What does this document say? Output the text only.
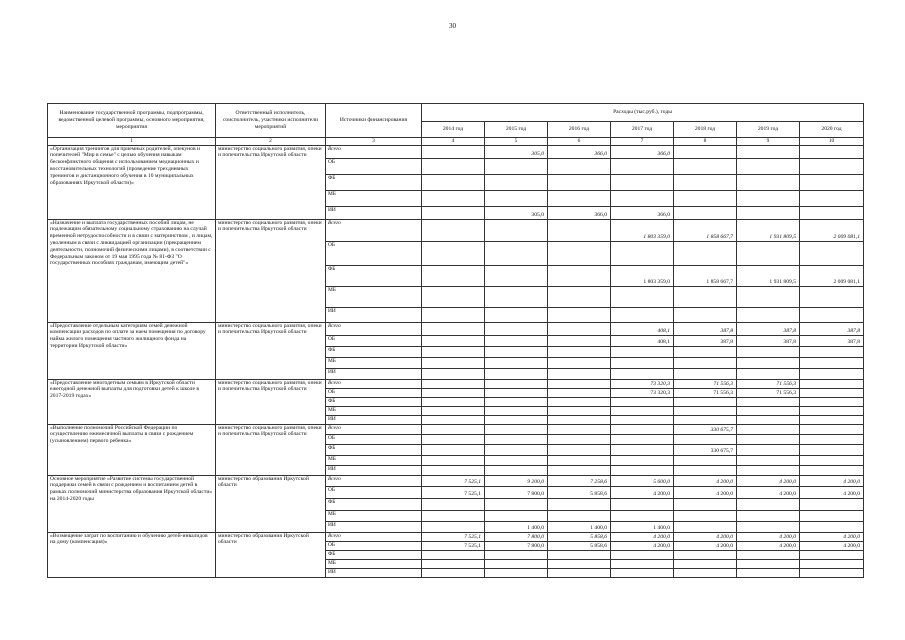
30
Наименование государственной программы, подпрограммы, ведомственной целевой программы, основного мероприятия, мероприятия	Ответственный исполнитель, соисполнитель, участники исполнители мероприятий	Источники финансирования	Расходы (тыс.руб.), годы						
			2014 год	2015 год	2016 год	2017 год	2018 год	2019 год	2020 год
1	2	3	4	5	6	7	8	9	10
«Организация тренингов для приемных родителей, опекунов и попечителей "Мир в семье" с целью обучения навыкам бесконфликтного общения с использованием медиационных и восстановительных технологий (проведение трехдневных тренингов и дистанционного обучения в 10 муниципальных образованиях Иркутской области)»	министерство социального развития, опеки и попечительства Иркутской области	Всего		305,0	366,0	366,0			
		ОБ							
		ФБ							
		МБ							
		ИИ		305,0	366,0	366,0			
«Назначение и выплата государственных пособий лицам, не подлежащим обязательному социальному страхованию на случай временной нетрудоспособности и в связи с материнством , и лицам, уволенным в связи с ликвидацией организации (прекращением деятельности, полномочий физическими лицами), в соответствии с Федеральным законом от 19 мая 1995 года № 81-ФЗ "О государственных пособиях гражданам, имеющим детей"»	министерство социального развития, опеки и попечительства Иркутской области	Всего				1 803 359,0	1 858 667,7	1 931 809,5	2 009 081,1
		ОБ							
		ФБ				1 803 359,0	1 858 667,7	1 931 809,5	2 009 081,1
		МБ							
		ИИ							
«Предоставление отдельным категориям семей денежной компенсации расходов по оплате за наем помещения по договору найма жилого помещения частного жилищного фонда на территории Иркутской области»	министерство социального развития, опеки и попечительства Иркутской области	Всего				408,1	387,8	387,8	387,8
		ОБ				408,1	387,8	387,8	387,8
		ФБ							
		МБ							
		ИИ							
«Предоставление многодетным семьям в Иркутской области ежегодной денежной выплаты для подготовки детей к школе в 2017-2019 годах»	министерство социального развития, опеки и попечительства Иркутской области	Всего				73 320,3	71 556,3	71 556,3	
		ОБ				73 320,3	71 556,3	71 556,3	
		ФБ							
		МБ							
		ИИ							
«Выполнение полномочий Российской Федерации по осуществлению ежемесячной выплаты в связи с рождением (усыновлением) первого ребенка»	министерство социального развития, опеки и попечительства Иркутской области	Всего					330 675,7		
		ОБ							
		ФБ					330 675,7		
		МБ							
		ИИ							
Основное мероприятие «Развитие системы государственной поддержки семей в связи с рождением и воспитанием детей в рамках полномочий министерства образования Иркутской области» на 2014-2020 годы	министерство образования Иркутской области	Всего	7 525,1	9 200,0	7 258,6	5 600,0	4 200,0	4 200,0	4 200,0
		ОБ	7 525,1	7 800,0	5 858,6	4 200,0	4 200,0	4 200,0	4 200,0
		ФБ							
		МБ							
		ИИ		1 400,0	1 400,0	1 400,0			
«Возмещение затрат по воспитанию и обучению детей-инвалидов на дому (компенсация)»	министерство образования Иркутской области	Всего	7 525,1	7 800,0	5 858,6	4 200,0	4 200,0	4 200,0	4 200,0
		ОБ	7 525,1	7 800,0	5 858,6	4 200,0	4 200,0	4 200,0	4 200,0
		ФБ							
		МБ							
		ИИ							
